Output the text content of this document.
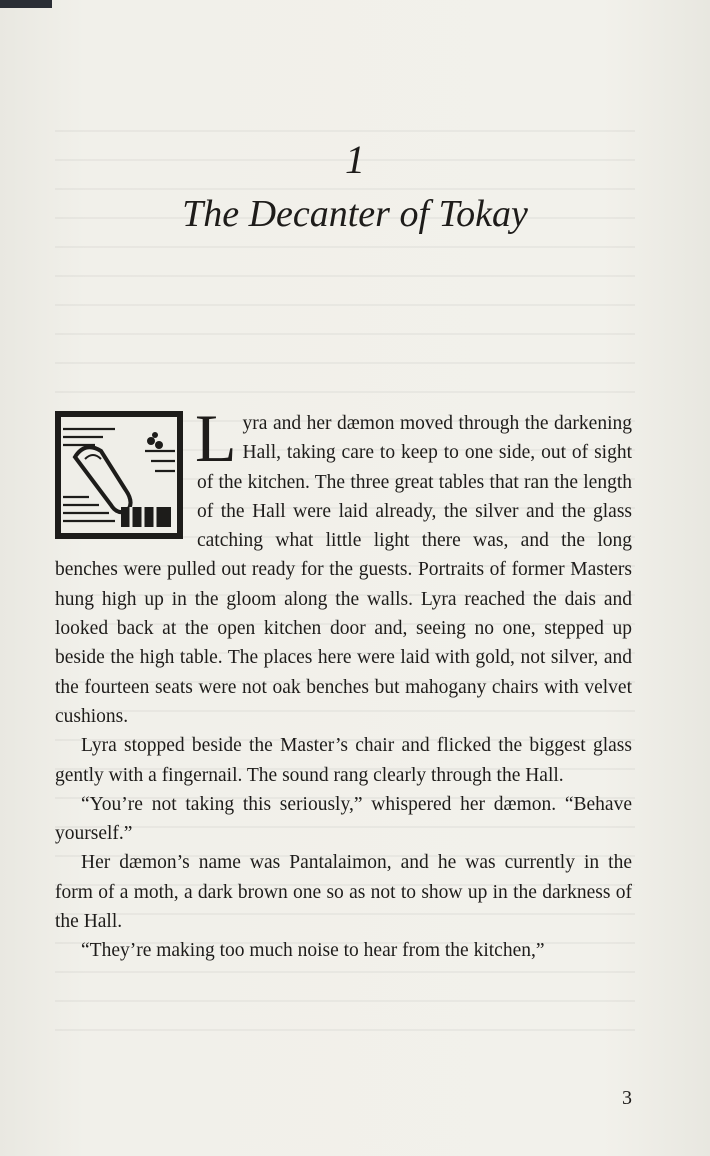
1
The Decanter of Tokay

Lyra and her dæmon moved through the darkening Hall, taking care to keep to one side, out of sight of the kitchen. The three great tables that ran the length of the Hall were laid already, the silver and the glass catching what little light there was, and the long benches were pulled out ready for the guests. Portraits of former Masters hung high up in the gloom along the walls. Lyra reached the dais and looked back at the open kitchen door and, seeing no one, stepped up beside the high table. The places here were laid with gold, not silver, and the fourteen seats were not oak benches but mahogany chairs with velvet cushions.

Lyra stopped beside the Master’s chair and flicked the biggest glass gently with a fingernail. The sound rang clearly through the Hall.

“You’re not taking this seriously,” whispered her dæmon. “Behave yourself.”

Her dæmon’s name was Pantalaimon, and he was currently in the form of a moth, a dark brown one so as not to show up in the darkness of the Hall.

“They’re making too much noise to hear from the kitchen,”

3
